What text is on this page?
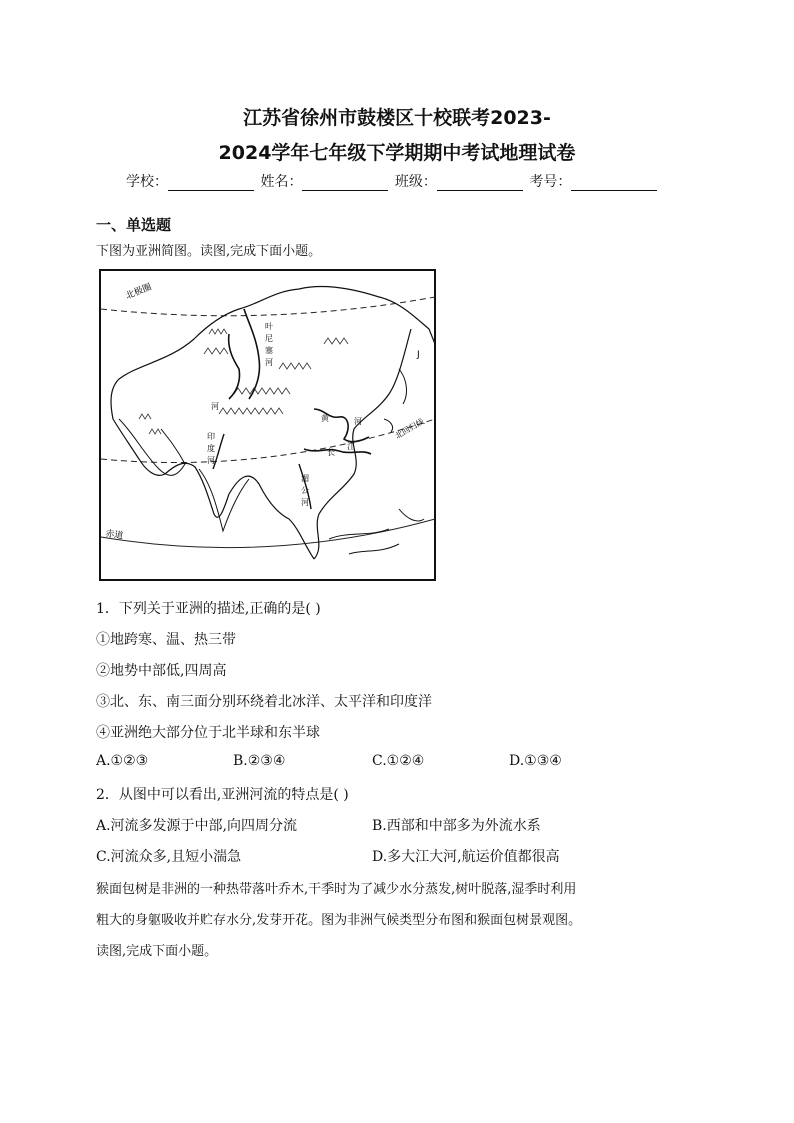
江苏省徐州市鼓楼区十校联考2023-
2024学年七年级下学期期中考试地理试卷
学校：	姓名：	班级：	考号：
一、单选题
下图为亚洲简图。读图,完成下面小题。
北极圈
北回归线
赤道
叶
尼
塞
河
河
黄	河
长
江
印
度
河
湄
公
河
J
1．下列关于亚洲的描述,正确的是( )
①地跨寒、温、热三带
②地势中部低,四周高
③北、东、南三面分别环绕着北冰洋、太平洋和印度洋
④亚洲绝大部分位于北半球和东半球
A.①②③	B.②③④	C.①②④	D.①③④
2．从图中可以看出,亚洲河流的特点是( )
A.河流多发源于中部,向四周分流	B.西部和中部多为外流水系
C.河流众多,且短小湍急	D.多大江大河,航运价值都很高
猴面包树是非洲的一种热带落叶乔木,干季时为了减少水分蒸发,树叶脱落,湿季时利用
粗大的身躯吸收并贮存水分,发芽开花。图为非洲气候类型分布图和猴面包树景观图。
读图,完成下面小题。
